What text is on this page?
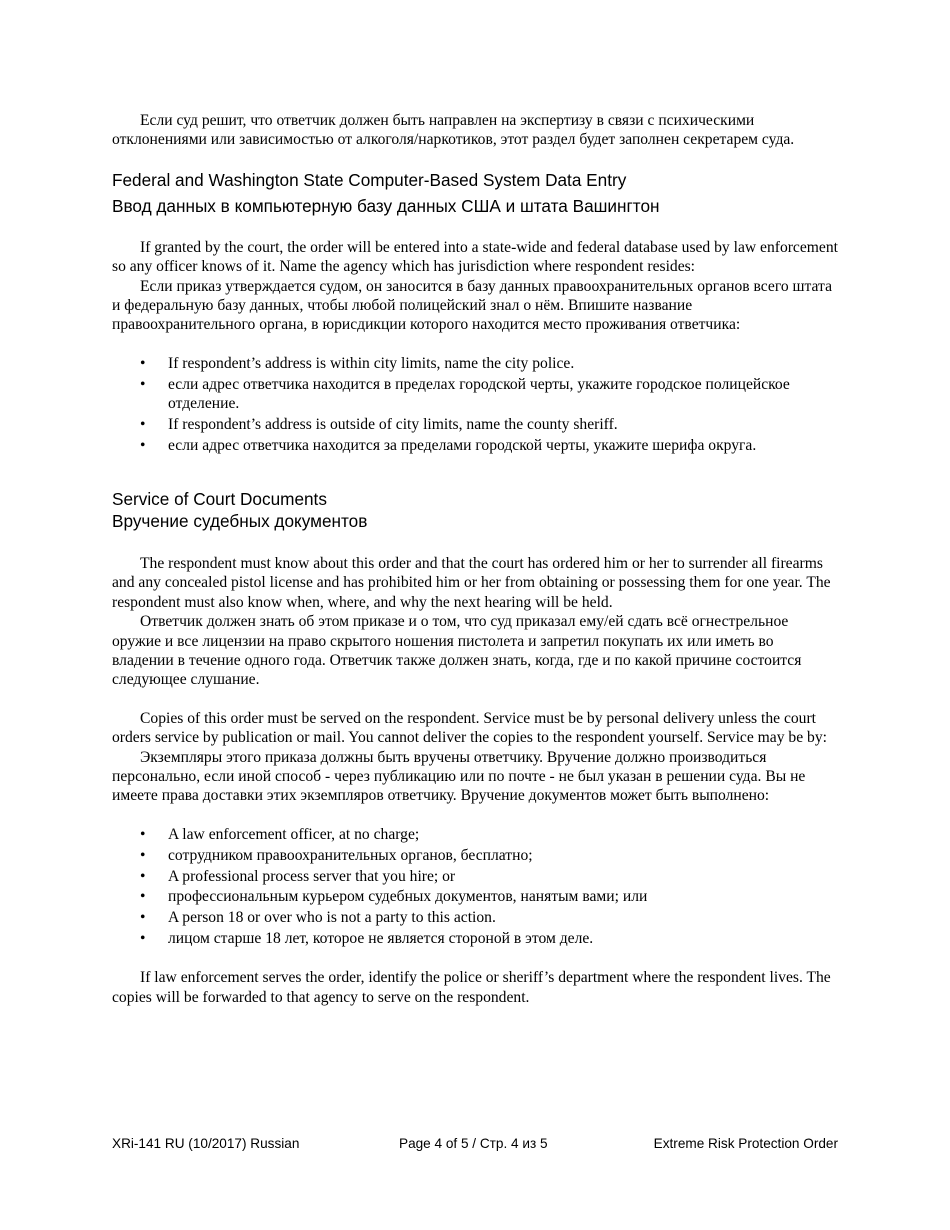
Если суд решит, что ответчик должен быть направлен на экспертизу в связи с психическими отклонениями или зависимостью от алкоголя/наркотиков, этот раздел будет заполнен секретарем суда.

Federal and Washington State Computer-Based System Data Entry
Ввод данных в компьютерную базу данных США и штата Вашингтон

If granted by the court, the order will be entered into a state-wide and federal database used by law enforcement so any officer knows of it. Name the agency which has jurisdiction where respondent resides:

Если приказ утверждается судом, он заносится в базу данных правоохранительных органов всего штата и федеральную базу данных, чтобы любой полицейский знал о нём. Впишите название правоохранительного органа, в юрисдикции которого находится место проживания ответчика:

• If respondent’s address is within city limits, name the city police.
• если адрес ответчика находится в пределах городской черты, укажите городское полицейское отделение.
• If respondent’s address is outside of city limits, name the county sheriff.
• если адрес ответчика находится за пределами городской черты, укажите шерифа округа.
Service of Court Documents
Вручение судебных документов

The respondent must know about this order and that the court has ordered him or her to surrender all firearms and any concealed pistol license and has prohibited him or her from obtaining or possessing them for one year. The respondent must also know when, where, and why the next hearing will be held.

Ответчик должен знать об этом приказе и о том, что суд приказал ему/ей сдать всё огнестрельное оружие и все лицензии на право скрытого ношения пистолета и запретил покупать их или иметь во владении в течение одного года. Ответчик также должен знать, когда, где и по какой причине состоится следующее слушание.

Copies of this order must be served on the respondent. Service must be by personal delivery unless the court orders service by publication or mail. You cannot deliver the copies to the respondent yourself. Service may be by:

Экземпляры этого приказа должны быть вручены ответчику. Вручение должно производиться персонально, если иной способ - через публикацию или по почте - не был указан в решении суда. Вы не имеете права доставки этих экземпляров ответчику. Вручение документов может быть выполнено:

• A law enforcement officer, at no charge;
• сотрудником правоохранительных органов, бесплатно;
• A professional process server that you hire; or
• профессиональным курьером судебных документов, нанятым вами; или
• A person 18 or over who is not a party to this action.
• лицом старше 18 лет, которое не является стороной в этом деле.

If law enforcement serves the order, identify the police or sheriff’s department where the respondent lives. The copies will be forwarded to that agency to serve on the respondent.

XRi-141 RU (10/2017) Russian	Page 4 of 5 / Стр. 4 из 5	Extreme Risk Protection Order
